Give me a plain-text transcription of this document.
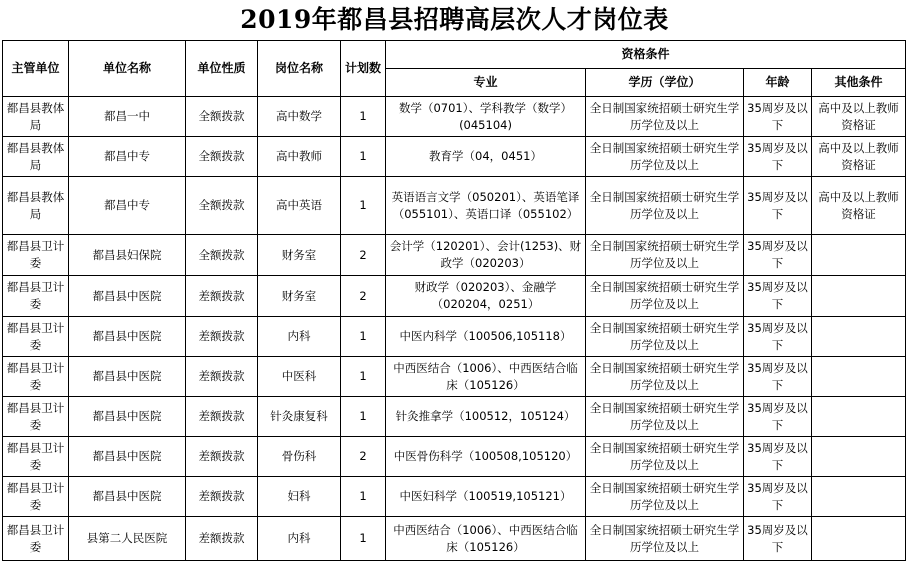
2019年都昌县招聘高层次人才岗位表
主管单位	单位名称	单位性质	岗位名称	计划数	资格条件			
					专业	学历（学位）	年龄	其他条件
都昌县教体局	都昌一中	全额拨款	高中数学	1	数学（0701）、学科教学（数学）(045104)	全日制国家统招硕士研究生学历学位及以上	35周岁及以下	高中及以上教师资格证
都昌县教体局	都昌中专	全额拨款	高中教师	1	教育学（04，0451）	全日制国家统招硕士研究生学历学位及以上	35周岁及以下	高中及以上教师资格证
都昌县教体局	都昌中专	全额拨款	高中英语	1	英语语言文学（050201）、英语笔译（055101）、英语口译（055102）	全日制国家统招硕士研究生学历学位及以上	35周岁及以下	高中及以上教师资格证
都昌县卫计委	都昌县妇保院	全额拨款	财务室	2	会计学（120201）、会计(1253)、财政学（020203）	全日制国家统招硕士研究生学历学位及以上	35周岁及以下	
都昌县卫计委	都昌县中医院	差额拨款	财务室	2	财政学（020203）、金融学（020204，0251）	全日制国家统招硕士研究生学历学位及以上	35周岁及以下	
都昌县卫计委	都昌县中医院	差额拨款	内科	1	中医内科学（100506,105118）	全日制国家统招硕士研究生学历学位及以上	35周岁及以下	
都昌县卫计委	都昌县中医院	差额拨款	中医科	1	中西医结合（1006）、中西医结合临床（105126）	全日制国家统招硕士研究生学历学位及以上	35周岁及以下	
都昌县卫计委	都昌县中医院	差额拨款	针灸康复科	1	针灸推拿学（100512，105124）	全日制国家统招硕士研究生学历学位及以上	35周岁及以下	
都昌县卫计委	都昌县中医院	差额拨款	骨伤科	2	中医骨伤科学（100508,105120）	全日制国家统招硕士研究生学历学位及以上	35周岁及以下	
都昌县卫计委	都昌县中医院	差额拨款	妇科	1	中医妇科学（100519,105121）	全日制国家统招硕士研究生学历学位及以上	35周岁及以下	
都昌县卫计委	县第二人民医院	差额拨款	内科	1	中西医结合（1006）、中西医结合临床（105126）	全日制国家统招硕士研究生学历学位及以上	35周岁及以下	
